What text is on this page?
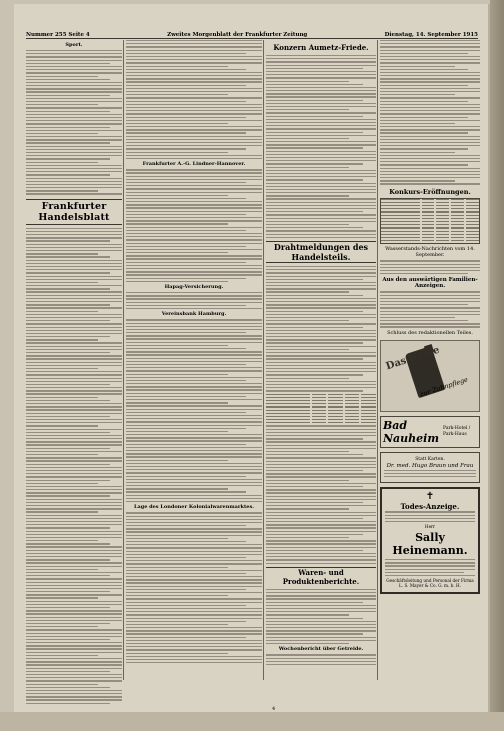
Nummer 255 Seite 4	Zweites Morgenblatt der Frankfurter Zeitung	Dienstag, 14. September 1915
Sport.
Frankfurter Handelsblatt
Frankfurter A.-G. Lindner-Hannover.
Hapag-Versicherung.
Vereinsbank Hamburg.
Lage des Londoner Kolonialwarenmarktes.
Konzern Aumetz-Friede.
Drahtmeldungen des Handelsteils.
Waren- und Produktenberichte.
Wochenbericht über Getreide.
Konkurs-Eröffnungen.
Wasserstands-Nachrichten vom 14. September.
Aus den auswärtigen Familien-Anzeigen.
Schluss des redaktionellen Teiles.
Das Beste
zur Zahnpflege
Bad Nauheim
Park-Hotel / Park-Haus
Statt Karten.
Dr. med. Hugo Braun und Frau
✝
Todes-Anzeige.
Herr
Sally Heinemann.
Geschäftsleitung und Personal der Firma L. S. Mayer & Co. G. m. b. H.
4
